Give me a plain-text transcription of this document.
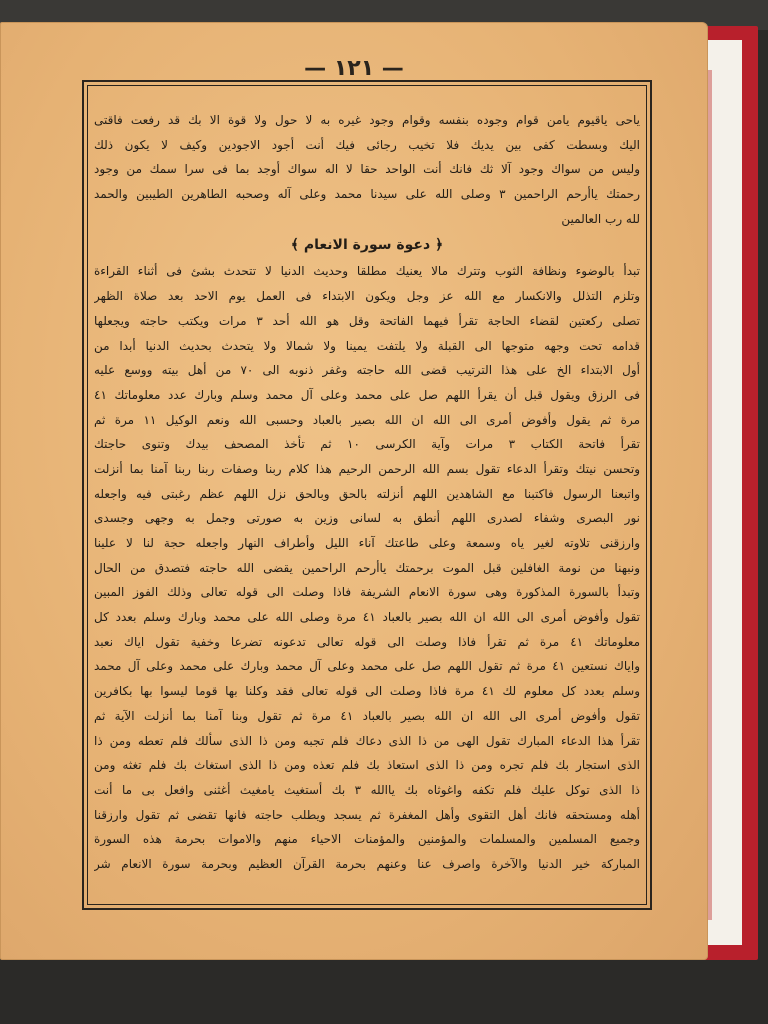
— ١٢١ —
ياحى ياقيوم يامن قوام وجوده بنفسه وقوام وجود غيره به لا حول ولا قوة الا بك قد رفعت فاقتى
اليك وبسطت كفى بين يديك فلا تخيب رجائى فيك أنت أجود الاجودين وكيف لا يكون ذلك
وليس من سواك وجود آلا ثك فانك أنت الواحد حقا لا اله سواك أوجد بما فى سرا سمك من وجود
رحمتك ياأرحم الراحمين ٣ وصلى الله على سيدنا محمد وعلى آله وصحبه الطاهرين الطيبين والحمد
لله رب العالمين
﴿ دعوة سورة الانعام ﴾
تبدأ بالوضوء ونظافة الثوب وتترك مالا يعنيك مطلقا وحديث الدنيا لا تتحدث بشئ فى أثناء القراءة
وتلزم التذلل والانكسار مع الله عز وجل ويكون الابتداء فى العمل يوم الاحد بعد صلاة الظهر
تصلى ركعتين لقضاء الحاجة تقرأ فيهما الفاتحة وقل هو الله أحد ٣ مرات ويكتب حاجته ويجعلها
قدامه تحت وجهه متوجها الى القبلة ولا يلتفت يمينا ولا شمالا ولا يتحدث بحديث الدنيا أبدا من
أول الابتداء الخ على هذا الترتيب قضى الله حاجته وغفر ذنوبه الى ٧٠ من أهل بيته ووسع عليه
فى الرزق ويقول قبل أن يقرأ اللهم صل على محمد وعلى آل محمد وسلم وبارك عدد معلوماتك ٤١
مرة ثم يقول وأفوض أمرى الى الله ان الله بصير بالعباد وحسبى الله ونعم الوكيل ١١ مرة ثم
تقرأ فاتحة الكتاب ٣ مرات وآية الكرسى ١٠ ثم تأخذ المصحف بيدك وتنوى حاجتك
وتحسن نيتك وتقرأ الدعاء تقول بسم الله الرحمن الرحيم هذا كلام ربنا وصفات ربنا ربنا آمنا بما أنزلت
واتبعنا الرسول فاكتبنا مع الشاهدين اللهم أنزلته بالحق وبالحق نزل اللهم عظم رغبتى فيه واجعله
نور البصرى وشفاء لصدرى اللهم أنطق به لسانى وزين به صورتى وجمل به وجهى وجسدى
وارزقنى تلاوته لغير ياه وسمعة وعلى طاعتك آناء الليل وأطراف النهار واجعله حجة لنا لا علينا
ونبهنا من نومة الغافلين قبل الموت برحمتك ياأرحم الراحمين يقضى الله حاجته فتصدق من الحال
وتبدأ بالسورة المذكورة وهى سورة الانعام الشريفة فاذا وصلت الى قوله تعالى وذلك الفوز المبين
تقول وأفوض أمرى الى الله ان الله بصير بالعباد ٤١ مرة وصلى الله على محمد وبارك وسلم بعدد كل
معلوماتك ٤١ مرة ثم تقرأ فاذا وصلت الى قوله تعالى تدعونه تضرعا وخفية تقول اياك نعبد
واياك نستعين ٤١ مرة ثم تقول اللهم صل على محمد وعلى آل محمد وبارك على محمد وعلى آل محمد
وسلم بعدد كل معلوم لك ٤١ مرة فاذا وصلت الى قوله تعالى فقد وكلنا بها قوما ليسوا بها بكافرين
تقول وأفوض أمرى الى الله ان الله بصير بالعباد ٤١ مرة ثم تقول وبنا آمنا بما أنزلت الآية ثم
تقرأ هذا الدعاء المبارك تقول الهى من ذا الذى دعاك فلم تجبه ومن ذا الذى سألك فلم تعطه ومن ذا
الذى استجار بك فلم تجره ومن ذا الذى استعاذ بك فلم تعذه ومن ذا الذى استغاث بك فلم تغثه ومن
ذا الذى توكل عليك فلم تكفه واغوثاه بك ياالله ٣ بك أستغيث يامغيث أغثنى وافعل بى ما أنت
أهله ومستحقه فانك أهل التقوى وأهل المغفرة ثم يسجد ويطلب حاجته فانها تقضى ثم تقول وارزقنا
وجميع المسلمين والمسلمات والمؤمنين والمؤمنات الاحياء منهم والاموات بحرمة هذه السورة
المباركة خير الدنيا والآخرة واصرف عنا وعنهم بحرمة القرآن العظيم وبحرمة سورة الانعام شر
